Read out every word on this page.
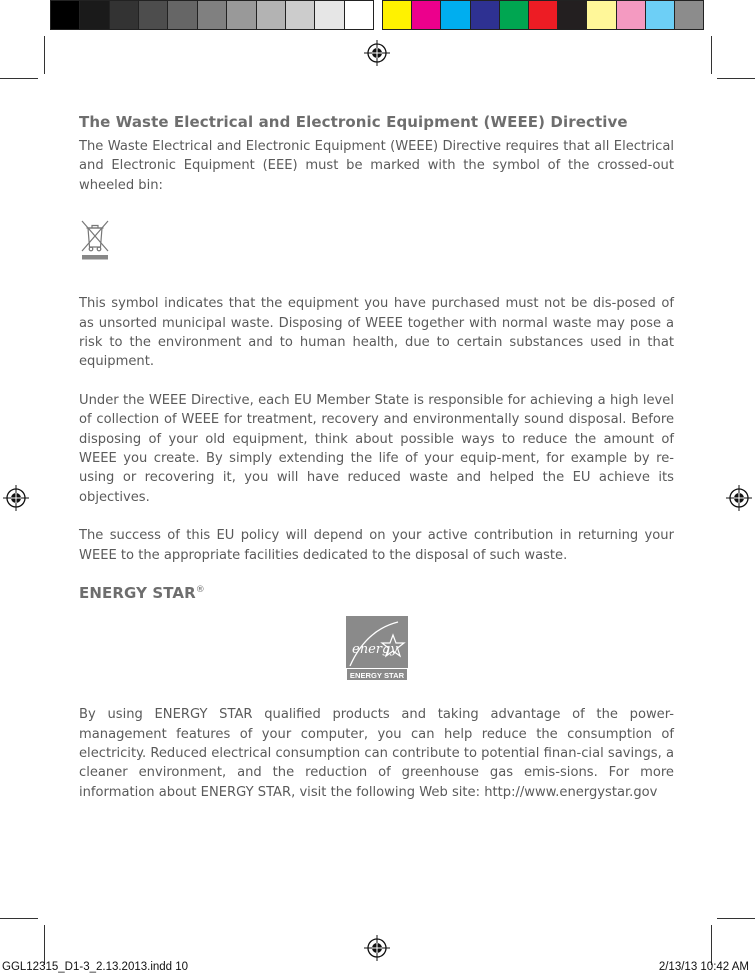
The Waste Electrical and Electronic Equipment (WEEE) Directive

The Waste Electrical and Electronic Equipment (WEEE) Directive requires that all Electrical and Electronic Equipment (EEE) must be marked with the symbol of the crossed-out wheeled bin:

This symbol indicates that the equipment you have purchased must not be dis-posed of as unsorted municipal waste. Disposing of WEEE together with normal waste may pose a risk to the environment and to human health, due to certain substances used in that equipment.

Under the WEEE Directive, each EU Member State is responsible for achieving a high level of collection of WEEE for treatment, recovery and environmentally sound disposal. Before disposing of your old equipment, think about possible ways to reduce the amount of WEEE you create. By simply extending the life of your equip-ment, for example by re-using or recovering it, you will have reduced waste and helped the EU achieve its objectives.

The success of this EU policy will depend on your active contribution in returning your WEEE to the appropriate facilities dedicated to the disposal of such waste.

ENERGY STAR®
energy
ENERGY STAR

By using ENERGY STAR qualified products and taking advantage of the power-management features of your computer, you can help reduce the consumption of electricity. Reduced electrical consumption can contribute to potential finan-cial savings, a cleaner environment, and the reduction of greenhouse gas emis-sions. For more information about ENERGY STAR, visit the following Web site: http://www.energystar.gov

GGL12315_D1-3_2.13.2013.indd 10	2/13/13 10:42 AM
